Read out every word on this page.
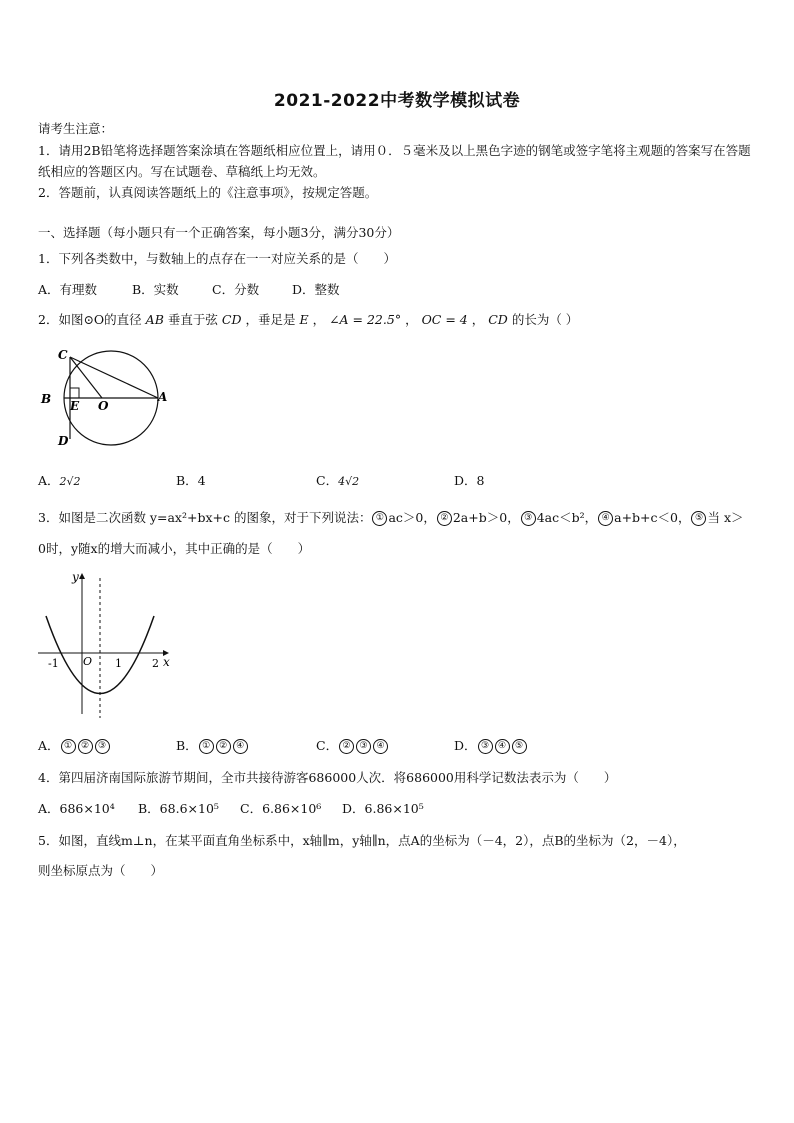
2021-2022中考数学模拟试卷
请考生注意：
1．请用2B铅笔将选择题答案涂填在答题纸相应位置上，请用０．５毫米及以上黑色字迹的钢笔或签字笔将主观题的答案写在答题纸相应的答题区内。写在试题卷、草稿纸上均无效。
2．答题前，认真阅读答题纸上的《注意事项》，按规定答题。
一、选择题（每小题只有一个正确答案，每小题3分，满分30分）
1．下列各类数中，与数轴上的点存在一一对应关系的是（　　）
A．有理数	B．实数	C．分数	D．整数
2．如图⊙O的直径 AB 垂直于弦 CD ，垂足是 E ， ∠A = 22.5° ， OC = 4 ， CD 的长为（ ）
C
B E O
A
D
A．2√2	B．4	C．4√2	D．8
3．如图是二次函数 y=ax²+bx+c 的图象，对于下列说法： ① ac＞0， ② 2a+b＞0， ③ 4ac＜b²， ④ a+b+c＜0， ⑤ 当 x＞
0时，y随x的增大而减小，其中正确的是（　　）
y
x
O
-1	1	2
A． ① ② ③	B． ① ② ④	C． ② ③ ④	D． ③ ④ ⑤
4．第四届济南国际旅游节期间，全市共接待游客686000人次．将686000用科学记数法表示为（　　）
A．686×10⁴	B．68.6×10⁵	C．6.86×10⁶	D．6.86×10⁵
5．如图，直线m⊥n，在某平面直角坐标系中，x轴∥m，y轴∥n，点A的坐标为（－4，2），点B的坐标为（2，－4），
则坐标原点为（　　）
